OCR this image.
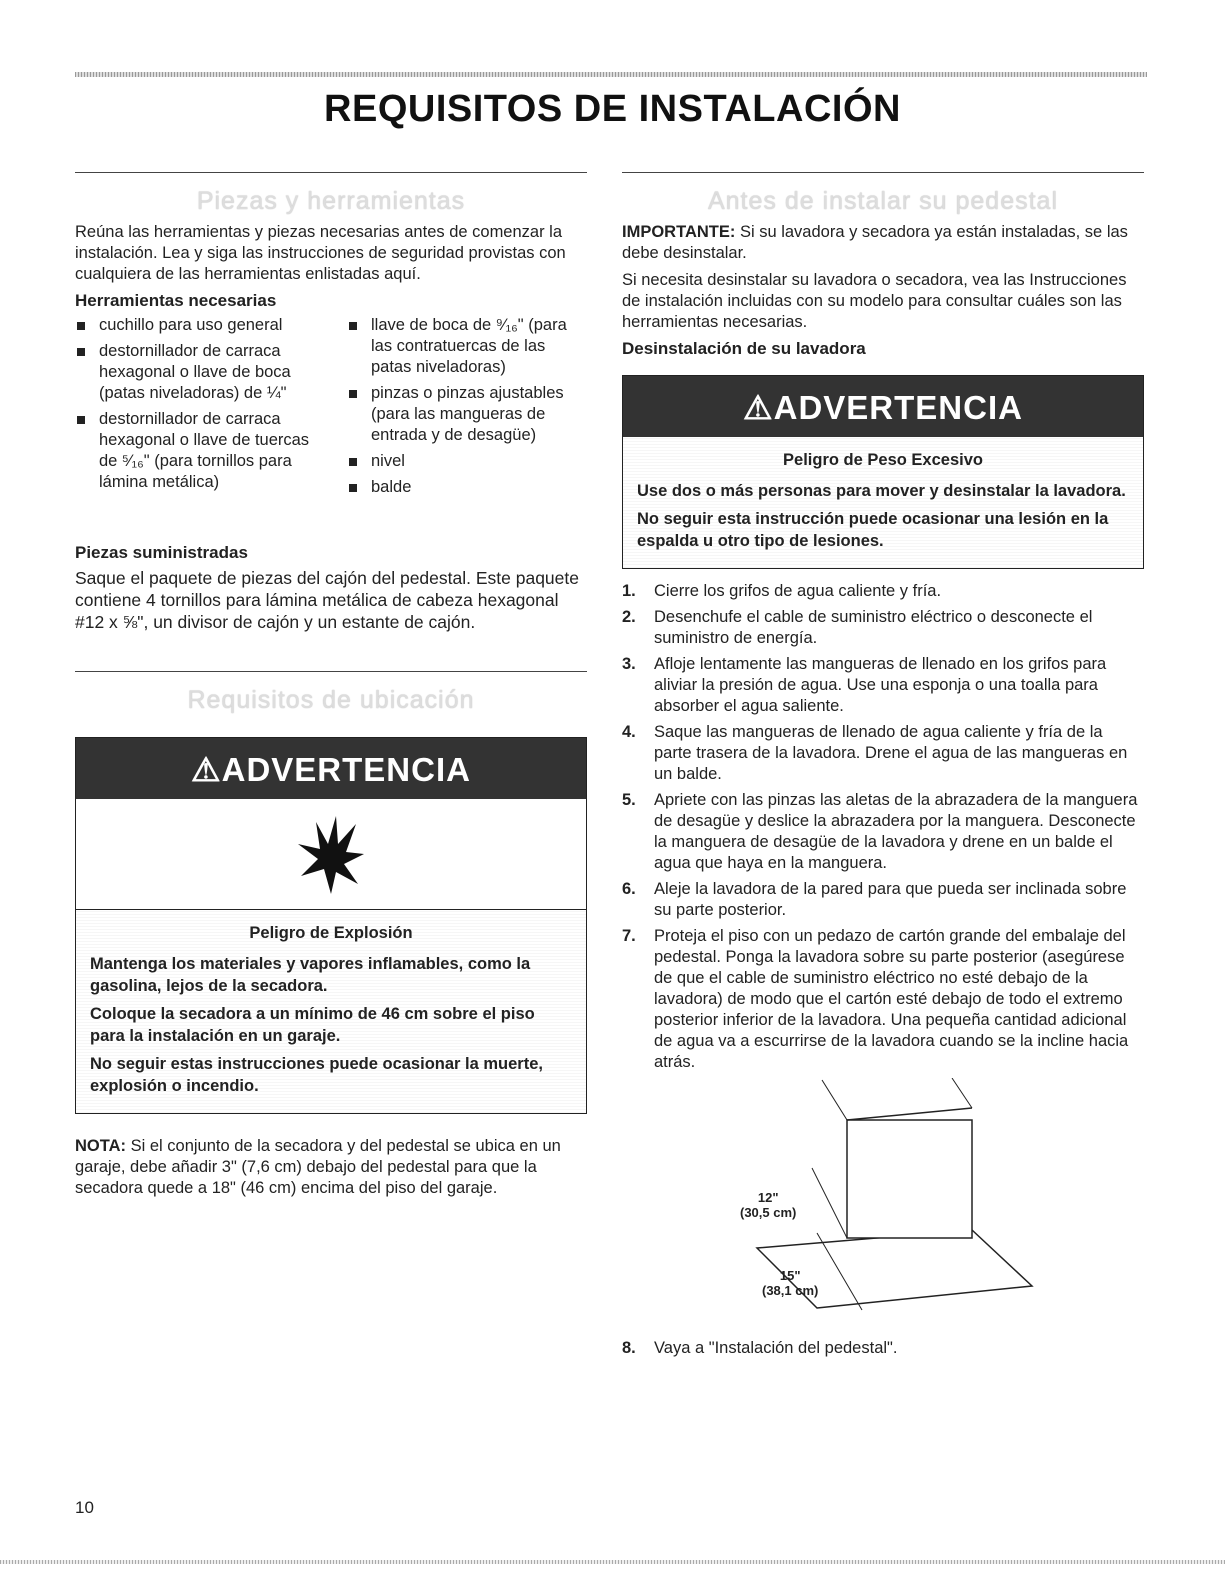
REQUISITOS DE INSTALACIÓN
Piezas y herramientas

Reúna las herramientas y piezas necesarias antes de comenzar la instalación. Lea y siga las instrucciones de seguridad provistas con cualquiera de las herramientas enlistadas aquí.

Herramientas necesarias
cuchillo para uso general
destornillador de carraca hexagonal o llave de boca (patas niveladoras) de ¼"
destornillador de carraca hexagonal o llave de tuercas de ⁵⁄₁₆" (para tornillos para lámina metálica)
llave de boca de ⁹⁄₁₆" (para las contratuercas de las patas niveladoras)
pinzas o pinzas ajustables (para las mangueras de entrada y de desagüe)
nivel
balde
Piezas suministradas

Saque el paquete de piezas del cajón del pedestal. Este paquete contiene 4 tornillos para lámina metálica de cabeza hexagonal #12 x ⅝", un divisor de cajón y un estante de cajón.

Requisitos de ubicación
⚠ADVERTENCIA
Peligro de Explosión

Mantenga los materiales y vapores inflamables, como la gasolina, lejos de la secadora.

Coloque la secadora a un mínimo de 46 cm sobre el piso para la instalación en un garaje.

No seguir estas instrucciones puede ocasionar la muerte, explosión o incendio.

NOTA: Si el conjunto de la secadora y del pedestal se ubica en un garaje, debe añadir 3" (7,6 cm) debajo del pedestal para que la secadora quede a 18" (46 cm) encima del piso del garaje.

Antes de instalar su pedestal

IMPORTANTE: Si su lavadora y secadora ya están instaladas, se las debe desinstalar.

Si necesita desinstalar su lavadora o secadora, vea las Instrucciones de instalación incluidas con su modelo para consultar cuáles son las herramientas necesarias.

Desinstalación de su lavadora
⚠ADVERTENCIA
Peligro de Peso Excesivo

Use dos o más personas para mover y desinstalar la lavadora.

No seguir esta instrucción puede ocasionar una lesión en la espalda u otro tipo de lesiones.

1. Cierre los grifos de agua caliente y fría.
2. Desenchufe el cable de suministro eléctrico o desconecte el suministro de energía.
3. Afloje lentamente las mangueras de llenado en los grifos para aliviar la presión de agua. Use una esponja o una toalla para absorber el agua saliente.
4. Saque las mangueras de llenado de agua caliente y fría de la parte trasera de la lavadora. Drene el agua de las mangueras en un balde.
5. Apriete con las pinzas las aletas de la abrazadera de la manguera de desagüe y deslice la abrazadera por la manguera. Desconecte la manguera de desagüe de la lavadora y drene en un balde el agua que haya en la manguera.
6. Aleje la lavadora de la pared para que pueda ser inclinada sobre su parte posterior.
7. Proteja el piso con un pedazo de cartón grande del embalaje del pedestal. Ponga la lavadora sobre su parte posterior (asegúrese de que el cable de suministro eléctrico no esté debajo de la lavadora) de modo que el cartón esté debajo de todo el extremo posterior inferior de la lavadora. Una pequeña cantidad adicional de agua va a escurrirse de la lavadora cuando se la incline hacia atrás.
12"
(30,5 cm)
15"
(38,1 cm)
8. Vaya a "Instalación del pedestal".
10
